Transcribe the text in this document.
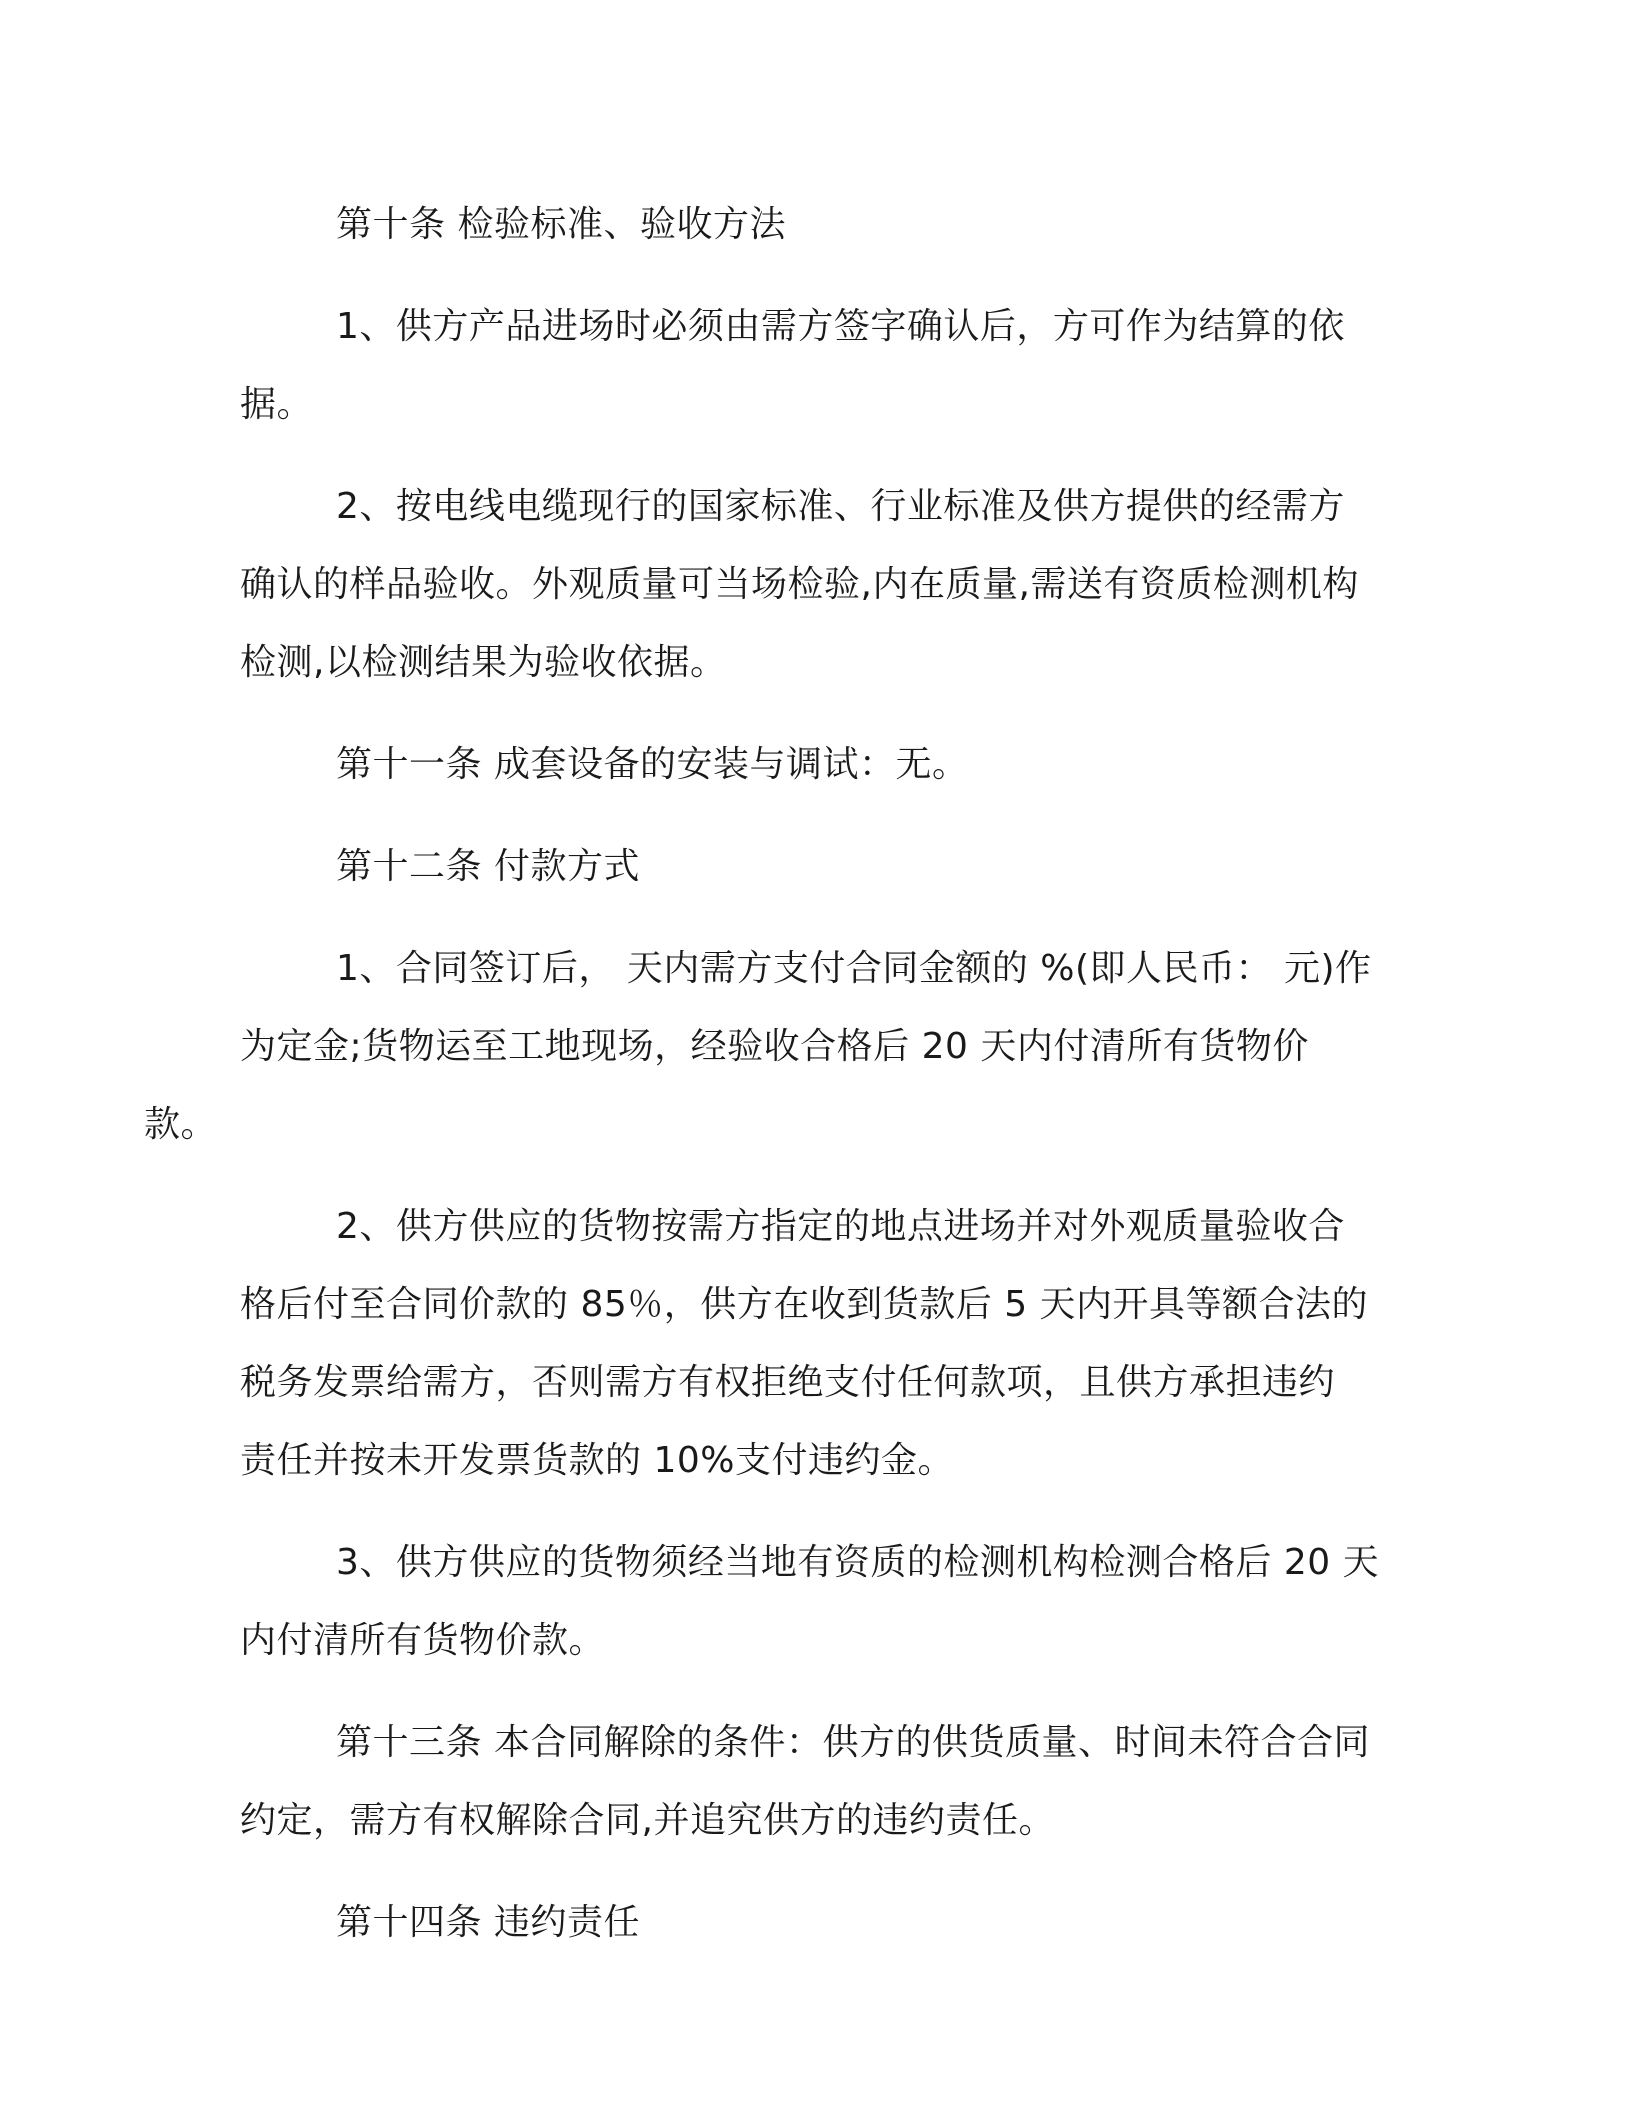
第十条 检验标准、验收方法

1、供方产品进场时必须由需方签字确认后，方可作为结算的依
据。

2、按电线电缆现行的国家标准、行业标准及供方提供的经需方
确认的样品验收。外观质量可当场检验,内在质量,需送有资质检测机构
检测,以检测结果为验收依据。

第十一条 成套设备的安装与调试：无。

第十二条 付款方式

1、合同签订后， 天内需方支付合同金额的 %(即人民币： 元)作
为定金;货物运至工地现场，经验收合格后 20 天内付清所有货物价款。

2、供方供应的货物按需方指定的地点进场并对外观质量验收合
格后付至合同价款的 85％，供方在收到货款后 5 天内开具等额合法的
税务发票给需方，否则需方有权拒绝支付任何款项，且供方承担违约
责任并按未开发票货款的 10%支付违约金。

3、供方供应的货物须经当地有资质的检测机构检测合格后 20 天
内付清所有货物价款。

第十三条 本合同解除的条件：供方的供货质量、时间未符合合同
约定，需方有权解除合同,并追究供方的违约责任。

第十四条 违约责任
